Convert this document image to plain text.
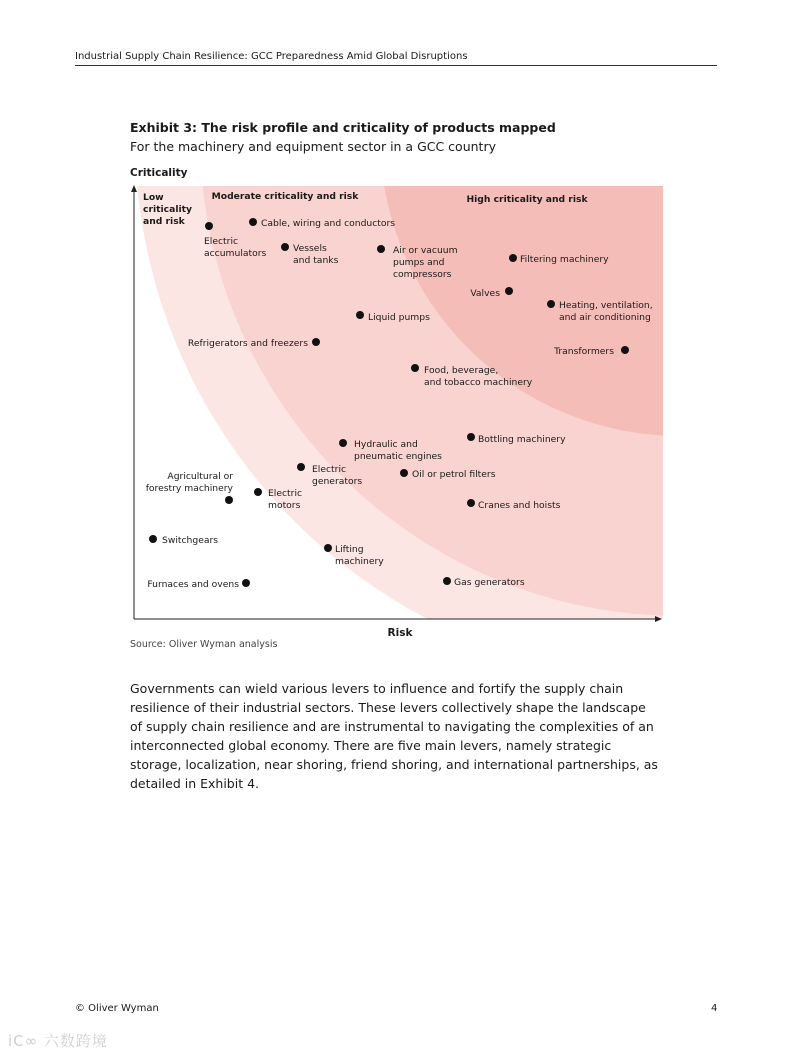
Industrial Supply Chain Resilience: GCC Preparedness Amid Global Disruptions
Exhibit 3: The risk profile and criticality of products mapped
For the machinery and equipment sector in a GCC country
Criticality
Low criticality and risk
Moderate criticality and risk	High criticality and risk
Electric accumulators
Cable, wiring and conductors
Vessels and tanks
Air or vacuum pumps and compressors
Filtering machinery
Valves
Heating, ventilation, and air conditioning
Liquid pumps
Refrigerators and freezers
Transformers
Food, beverage, and tobacco machinery
Hydraulic and pneumatic engines
Bottling machinery
Electric generators
Oil or petrol filters
Agricultural or forestry machinery	Electric motors	Cranes and hoists
Switchgears
Lifting machinery
Furnaces and ovens	Gas generators
Risk
Source: Oliver Wyman analysis
Governments can wield various levers to influence and fortify the supply chain resilience of their industrial sectors. These levers collectively shape the landscape of supply chain resilience and are instrumental to navigating the complexities of an interconnected global economy. There are five main levers, namely strategic storage, localization, near shoring, friend shoring, and international partnerships, as detailed in Exhibit 4.
© Oliver Wyman	4
iC∞ 六数跨境
